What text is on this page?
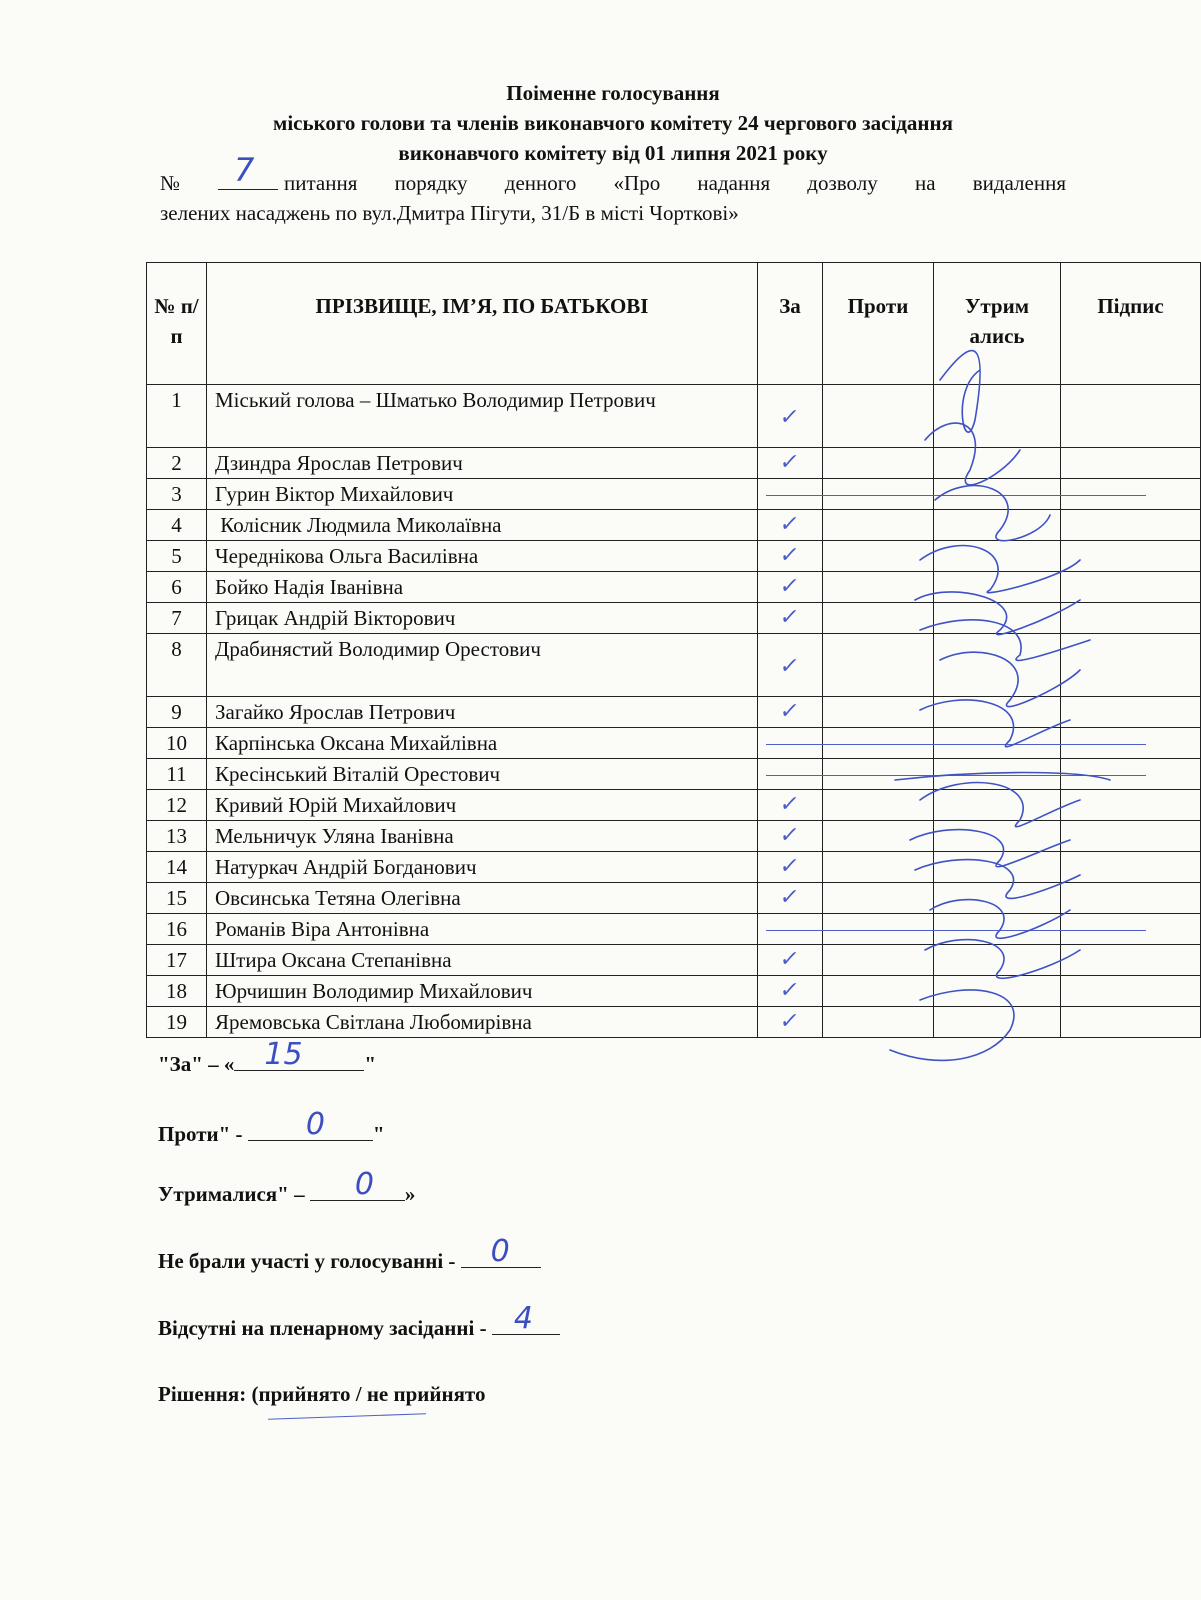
Поіменне голосування
міського голови та членів виконавчого комітету 24 чергового засідання
виконавчого комітету від 01 липня 2021 року
№ 7 питання порядку денного «Про надання дозволу на видалення
зелених насаджень по вул.Дмитра Пігути, 31/Б в місті Чорткові»
№ п/п	ПРІЗВИЩЕ, ІМ’Я, ПО БАТЬКОВІ	За	Проти	Утрим ались	Підпис
1	Міський голова – Шматько Володимир Петрович	✓			

2	Дзиндра Ярослав Петрович	✓			

3	Гурин Віктор Михайлович	

4	Колісник Людмила Миколаївна	✓			

5	Череднікова Ольга Василівна	✓			

6	Бойко Надія Іванівна	✓			

7	Грицак Андрій Вікторович	✓			

8	Драбинястий Володимир Орестович	✓			

9	Загайко Ярослав Петрович	✓			

10	Карпінська Оксана Михайлівна	

11	Кресінський Віталій Орестович	

12	Кривий Юрій Михайлович	✓			

13	Мельничук Уляна Іванівна	✓			

14	Натуркач Андрій Богданович	✓			

15	Овсинська Тетяна Олегівна	✓			

16	Романів Віра Антонівна	

17	Штира Оксана Степанівна	✓			

18	Юрчишин Володимир Михайлович	✓			

19	Яремовська Світлана Любомирівна	✓			

"За" – « 15	"
Проти" - 0 "
Утрималися" – 0 »
Не брали участі у голосуванні - 0
Відсутні на пленарному засіданні - 4
Рішення: (прийнято / не прийнято
